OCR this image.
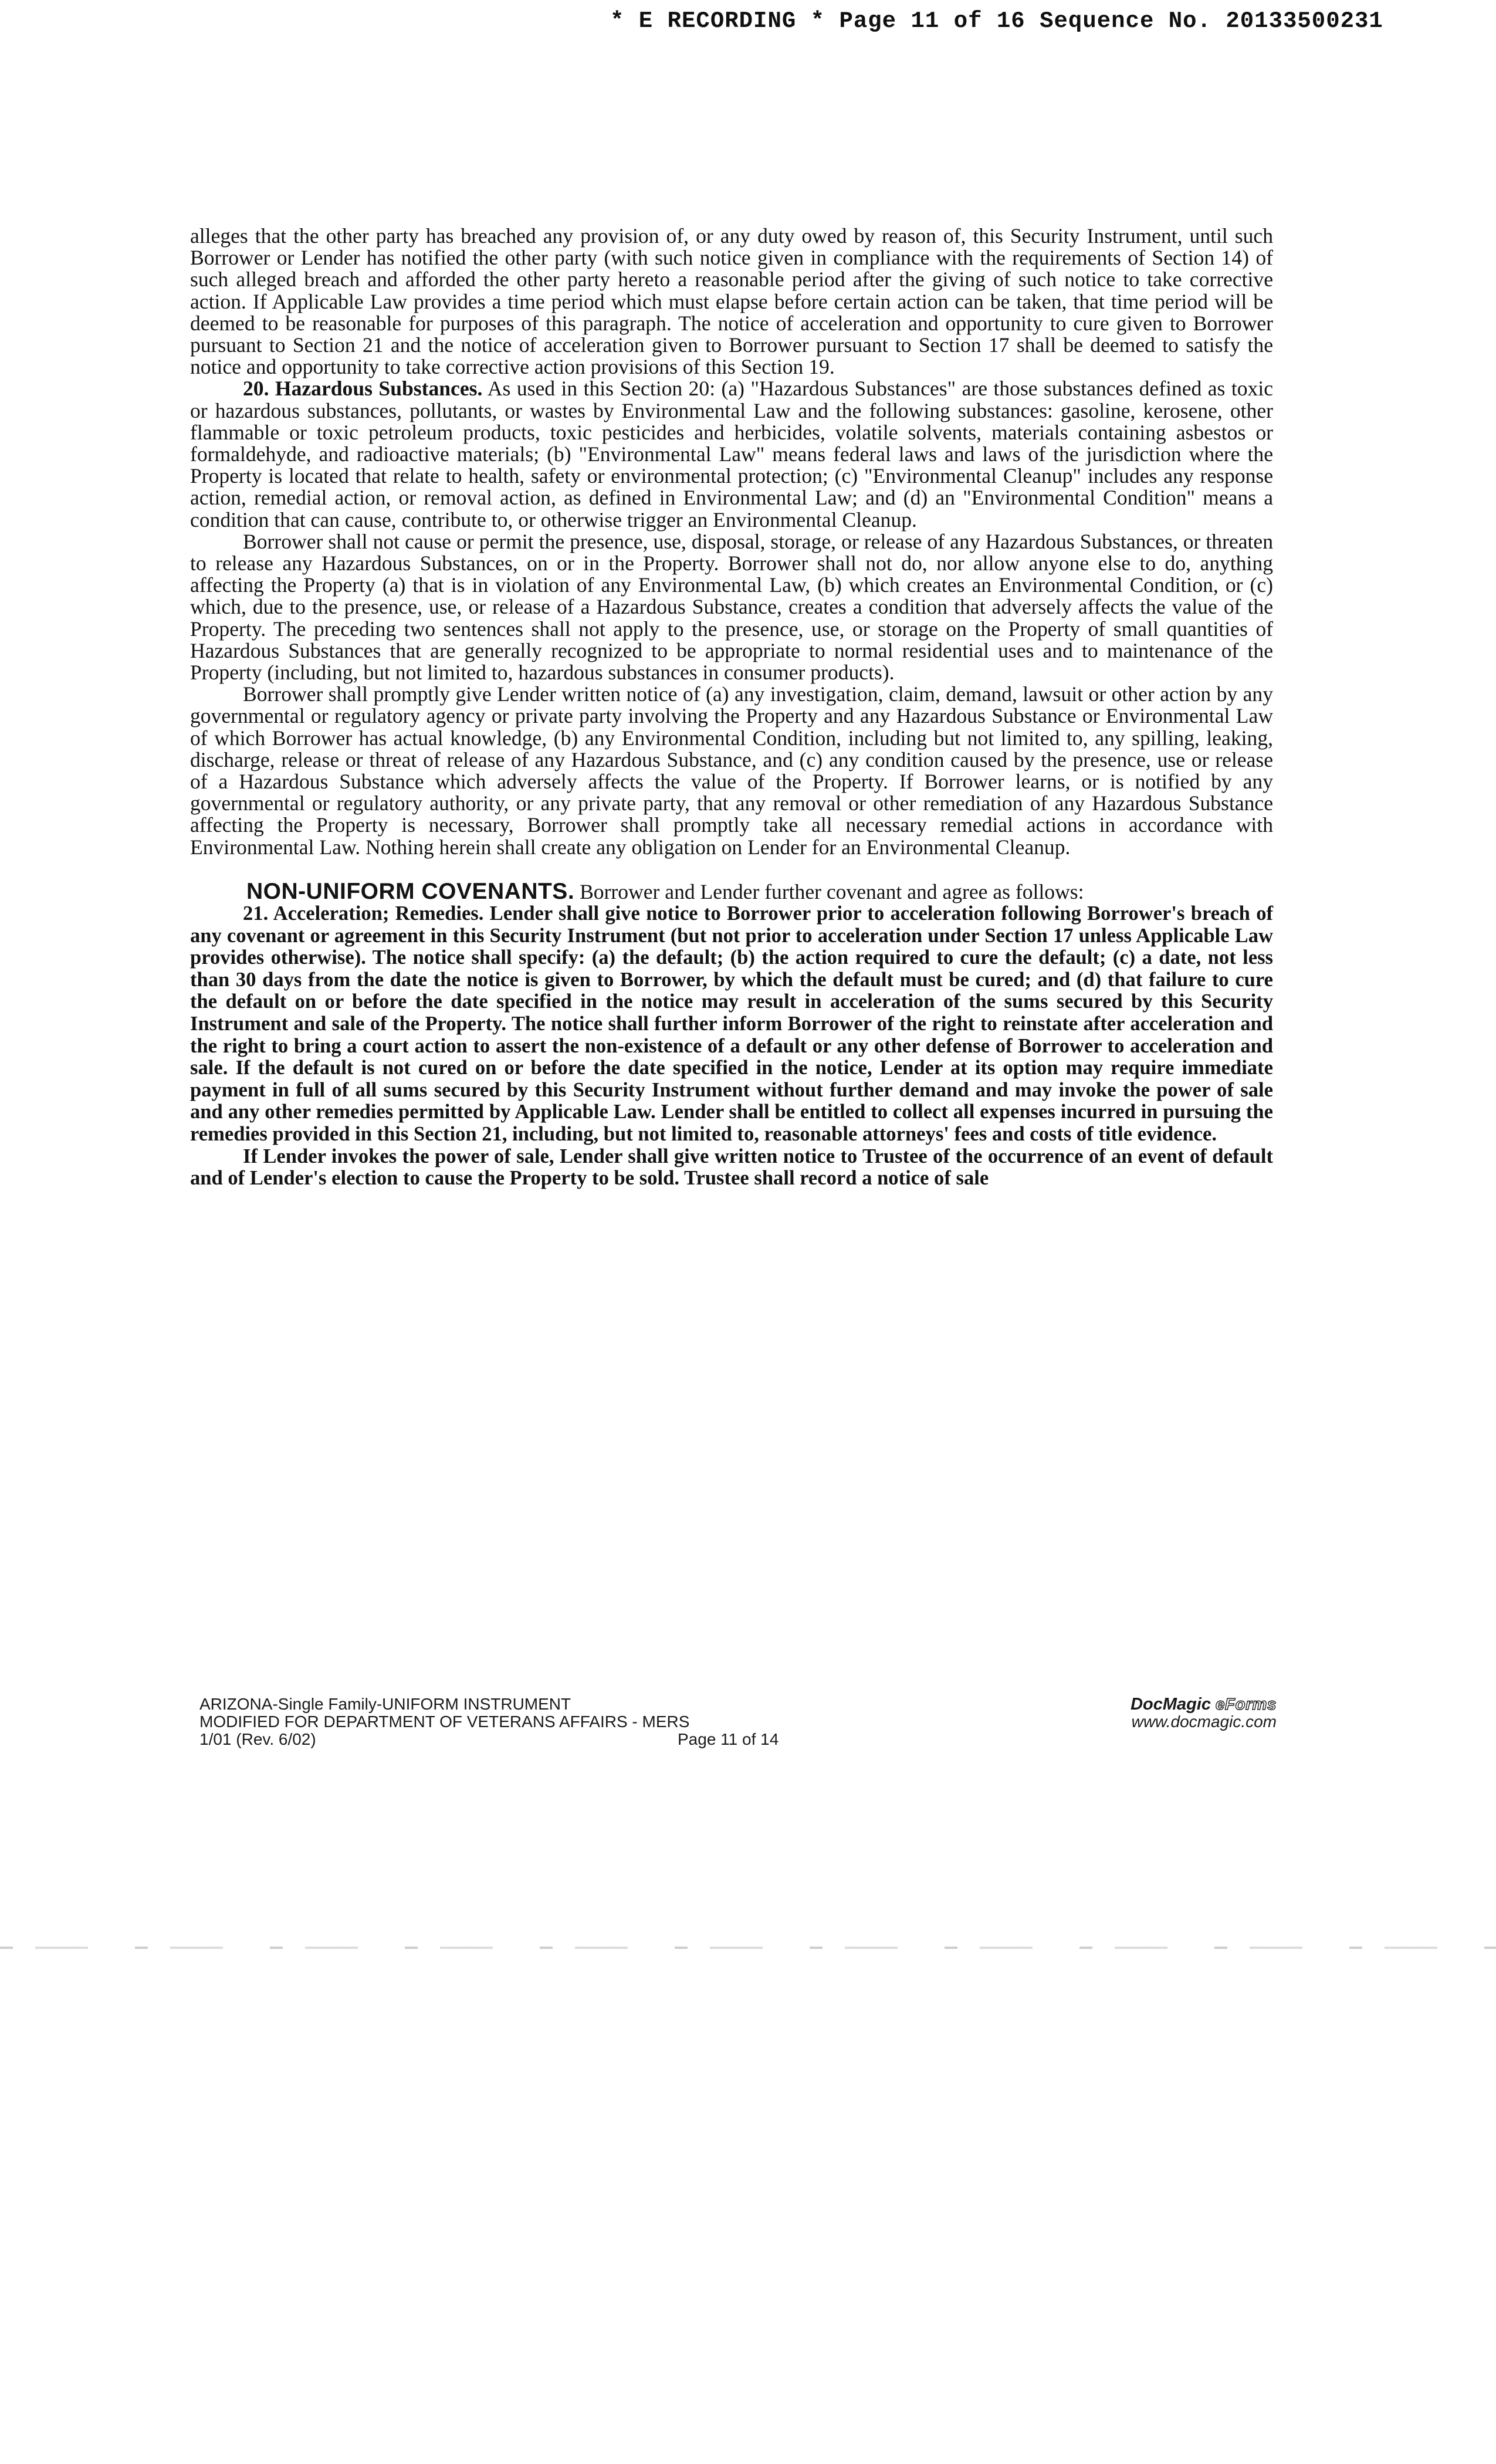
* E RECORDING * Page 11 of 16 Sequence No. 20133500231

alleges that the other party has breached any provision of, or any duty owed by reason of, this Security Instrument, until such Borrower or Lender has notified the other party (with such notice given in compliance with the requirements of Section 14) of such alleged breach and afforded the other party hereto a reasonable period after the giving of such notice to take corrective action. If Applicable Law provides a time period which must elapse before certain action can be taken, that time period will be deemed to be reasonable for purposes of this paragraph. The notice of acceleration and opportunity to cure given to Borrower pursuant to Section 21 and the notice of acceleration given to Borrower pursuant to Section 17 shall be deemed to satisfy the notice and opportunity to take corrective action provisions of this Section 19.

20. Hazardous Substances. As used in this Section 20: (a) "Hazardous Substances" are those substances defined as toxic or hazardous substances, pollutants, or wastes by Environmental Law and the following substances: gasoline, kerosene, other flammable or toxic petroleum products, toxic pesticides and herbicides, volatile solvents, materials containing asbestos or formaldehyde, and radioactive materials; (b) "Environmental Law" means federal laws and laws of the jurisdiction where the Property is located that relate to health, safety or environmental protection; (c) "Environmental Cleanup" includes any response action, remedial action, or removal action, as defined in Environmental Law; and (d) an "Environmental Condition" means a condition that can cause, contribute to, or otherwise trigger an Environmental Cleanup.

Borrower shall not cause or permit the presence, use, disposal, storage, or release of any Hazardous Substances, or threaten to release any Hazardous Substances, on or in the Property. Borrower shall not do, nor allow anyone else to do, anything affecting the Property (a) that is in violation of any Environmental Law, (b) which creates an Environmental Condition, or (c) which, due to the presence, use, or release of a Hazardous Substance, creates a condition that adversely affects the value of the Property. The preceding two sentences shall not apply to the presence, use, or storage on the Property of small quantities of Hazardous Substances that are generally recognized to be appropriate to normal residential uses and to maintenance of the Property (including, but not limited to, hazardous substances in consumer products).

Borrower shall promptly give Lender written notice of (a) any investigation, claim, demand, lawsuit or other action by any governmental or regulatory agency or private party involving the Property and any Hazardous Substance or Environmental Law of which Borrower has actual knowledge, (b) any Environmental Condition, including but not limited to, any spilling, leaking, discharge, release or threat of release of any Hazardous Substance, and (c) any condition caused by the presence, use or release of a Hazardous Substance which adversely affects the value of the Property. If Borrower learns, or is notified by any governmental or regulatory authority, or any private party, that any removal or other remediation of any Hazardous Substance affecting the Property is necessary, Borrower shall promptly take all necessary remedial actions in accordance with Environmental Law. Nothing herein shall create any obligation on Lender for an Environmental Cleanup.

NON-UNIFORM COVENANTS. Borrower and Lender further covenant and agree as follows:

21. Acceleration; Remedies. Lender shall give notice to Borrower prior to acceleration following Borrower's breach of any covenant or agreement in this Security Instrument (but not prior to acceleration under Section 17 unless Applicable Law provides otherwise). The notice shall specify: (a) the default; (b) the action required to cure the default; (c) a date, not less than 30 days from the date the notice is given to Borrower, by which the default must be cured; and (d) that failure to cure the default on or before the date specified in the notice may result in acceleration of the sums secured by this Security Instrument and sale of the Property. The notice shall further inform Borrower of the right to reinstate after acceleration and the right to bring a court action to assert the non-existence of a default or any other defense of Borrower to acceleration and sale. If the default is not cured on or before the date specified in the notice, Lender at its option may require immediate payment in full of all sums secured by this Security Instrument without further demand and may invoke the power of sale and any other remedies permitted by Applicable Law. Lender shall be entitled to collect all expenses incurred in pursuing the remedies provided in this Section 21, including, but not limited to, reasonable attorneys' fees and costs of title evidence.

If Lender invokes the power of sale, Lender shall give written notice to Trustee of the occurrence of an event of default and of Lender's election to cause the Property to be sold. Trustee shall record a notice of sale

ARIZONA-Single Family-UNIFORM INSTRUMENT
MODIFIED FOR DEPARTMENT OF VETERANS AFFAIRS - MERS
1/01 (Rev. 6/02)	Page 11 of 14
DocMagic eForms
www.docmagic.com
